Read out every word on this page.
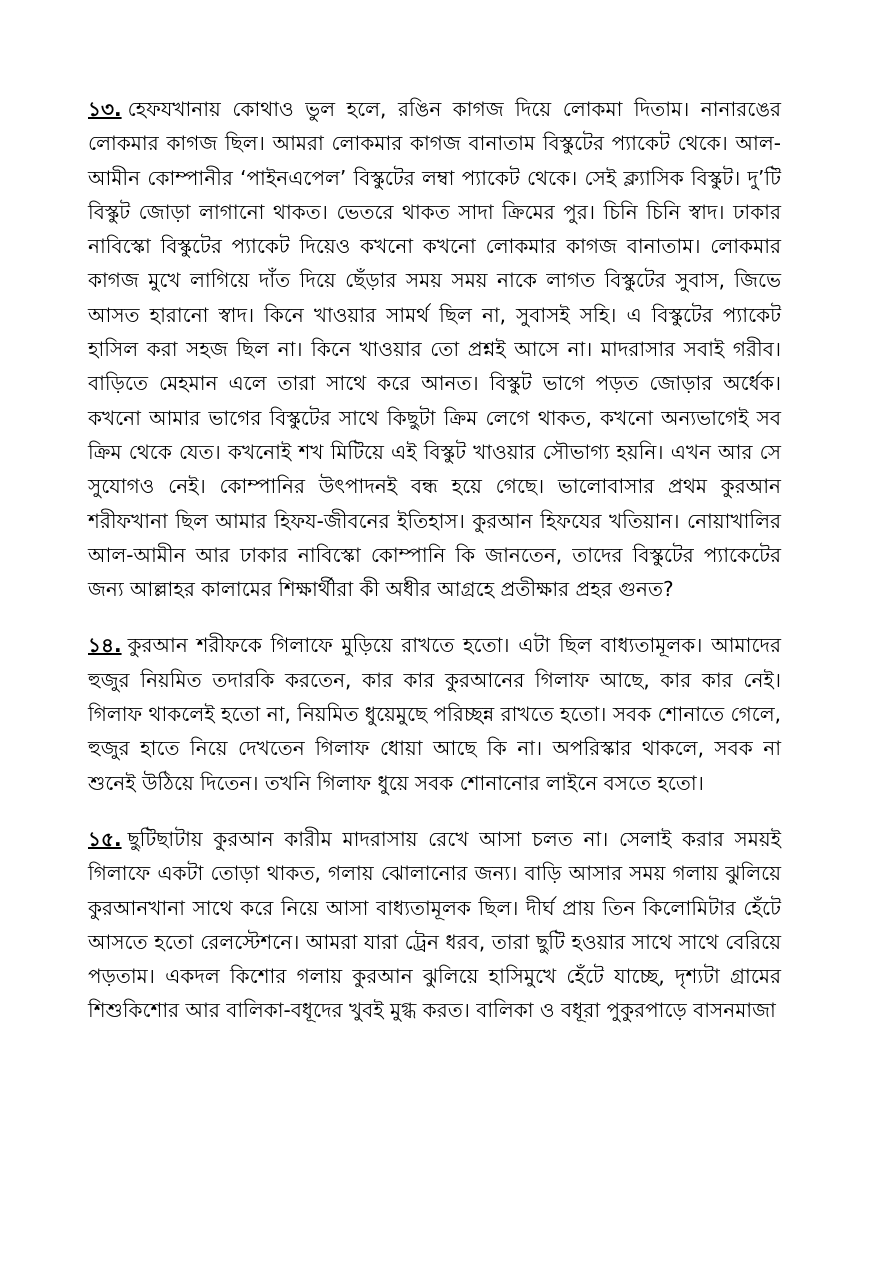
১৩. হেফযখানায় কোথাও ভুল হলে, রঙিন কাগজ দিয়ে লোকমা দিতাম। নানারঙের লোকমার কাগজ ছিল। আমরা লোকমার কাগজ বানাতাম বিস্কুটের প্যাকেট থেকে। আল-আমীন কোম্পানীর ‘পাইনএপেল’ বিস্কুটের লম্বা প্যাকেট থেকে। সেই ক্ল্যাসিক বিস্কুট। দু’টি বিস্কুট জোড়া লাগানো থাকত। ভেতরে থাকত সাদা ক্রিমের পুর। চিনি চিনি স্বাদ। ঢাকার নাবিস্কো বিস্কুটের প্যাকেট দিয়েও কখনো কখনো লোকমার কাগজ বানাতাম। লোকমার কাগজ মুখে লাগিয়ে দাঁত দিয়ে ছেঁড়ার সময় সময় নাকে লাগত বিস্কুটের সুবাস, জিভে আসত হারানো স্বাদ। কিনে খাওয়ার সামর্থ ছিল না, সুবাসই সহি। এ বিস্কুটের প্যাকেট হাসিল করা সহজ ছিল না। কিনে খাওয়ার তো প্রশ্নই আসে না। মাদরাসার সবাই গরীব। বাড়িতে মেহমান এলে তারা সাথে করে আনত। বিস্কুট ভাগে পড়ত জোড়ার অর্ধেক। কখনো আমার ভাগের বিস্কুটের সাথে কিছুটা ক্রিম লেগে থাকত, কখনো অন্যভাগেই সব ক্রিম থেকে যেত। কখনোই শখ মিটিয়ে এই বিস্কুট খাওয়ার সৌভাগ্য হয়নি। এখন আর সে সুযোগও নেই। কোম্পানির উৎপাদনই বন্ধ হয়ে গেছে। ভালোবাসার প্রথম কুরআন শরীফখানা ছিল আমার হিফয-জীবনের ইতিহাস। কুরআন হিফযের খতিয়ান। নোয়াখালির আল-আমীন আর ঢাকার নাবিস্কো কোম্পানি কি জানতেন, তাদের বিস্কুটের প্যাকেটের জন্য আল্লাহর কালামের শিক্ষার্থীরা কী অধীর আগ্রহে প্রতীক্ষার প্রহর গুনত?

১৪. কুরআন শরীফকে গিলাফে মুড়িয়ে রাখতে হতো। এটা ছিল বাধ্যতামূলক। আমাদের হুজুর নিয়মিত তদারকি করতেন, কার কার কুরআনের গিলাফ আছে, কার কার নেই। গিলাফ থাকলেই হতো না, নিয়মিত ধুয়েমুছে পরিচ্ছন্ন রাখতে হতো। সবক শোনাতে গেলে, হুজুর হাতে নিয়ে দেখতেন গিলাফ ধোয়া আছে কি না। অপরিস্কার থাকলে, সবক না শুনেই উঠিয়ে দিতেন। তখনি গিলাফ ধুয়ে সবক শোনানোর লাইনে বসতে হতো।

১৫. ছুটিছাটায় কুরআন কারীম মাদরাসায় রেখে আসা চলত না। সেলাই করার সময়ই গিলাফে একটা তোড়া থাকত, গলায় ঝোলানোর জন্য। বাড়ি আসার সময় গলায় ঝুলিয়ে কুরআনখানা সাথে করে নিয়ে আসা বাধ্যতামূলক ছিল। দীর্ঘ প্রায় তিন কিলোমিটার হেঁটে আসতে হতো রেলস্টেশনে। আমরা যারা ট্রেন ধরব, তারা ছুটি হওয়ার সাথে সাথে বেরিয়ে পড়তাম। একদল কিশোর গলায় কুরআন ঝুলিয়ে হাসিমুখে হেঁটে যাচ্ছে, দৃশ্যটা গ্রামের শিশুকিশোর আর বালিকা-বধূদের খুবই মুগ্ধ করত। বালিকা ও বধূরা পুকুরপাড়ে বাসনমাজা
